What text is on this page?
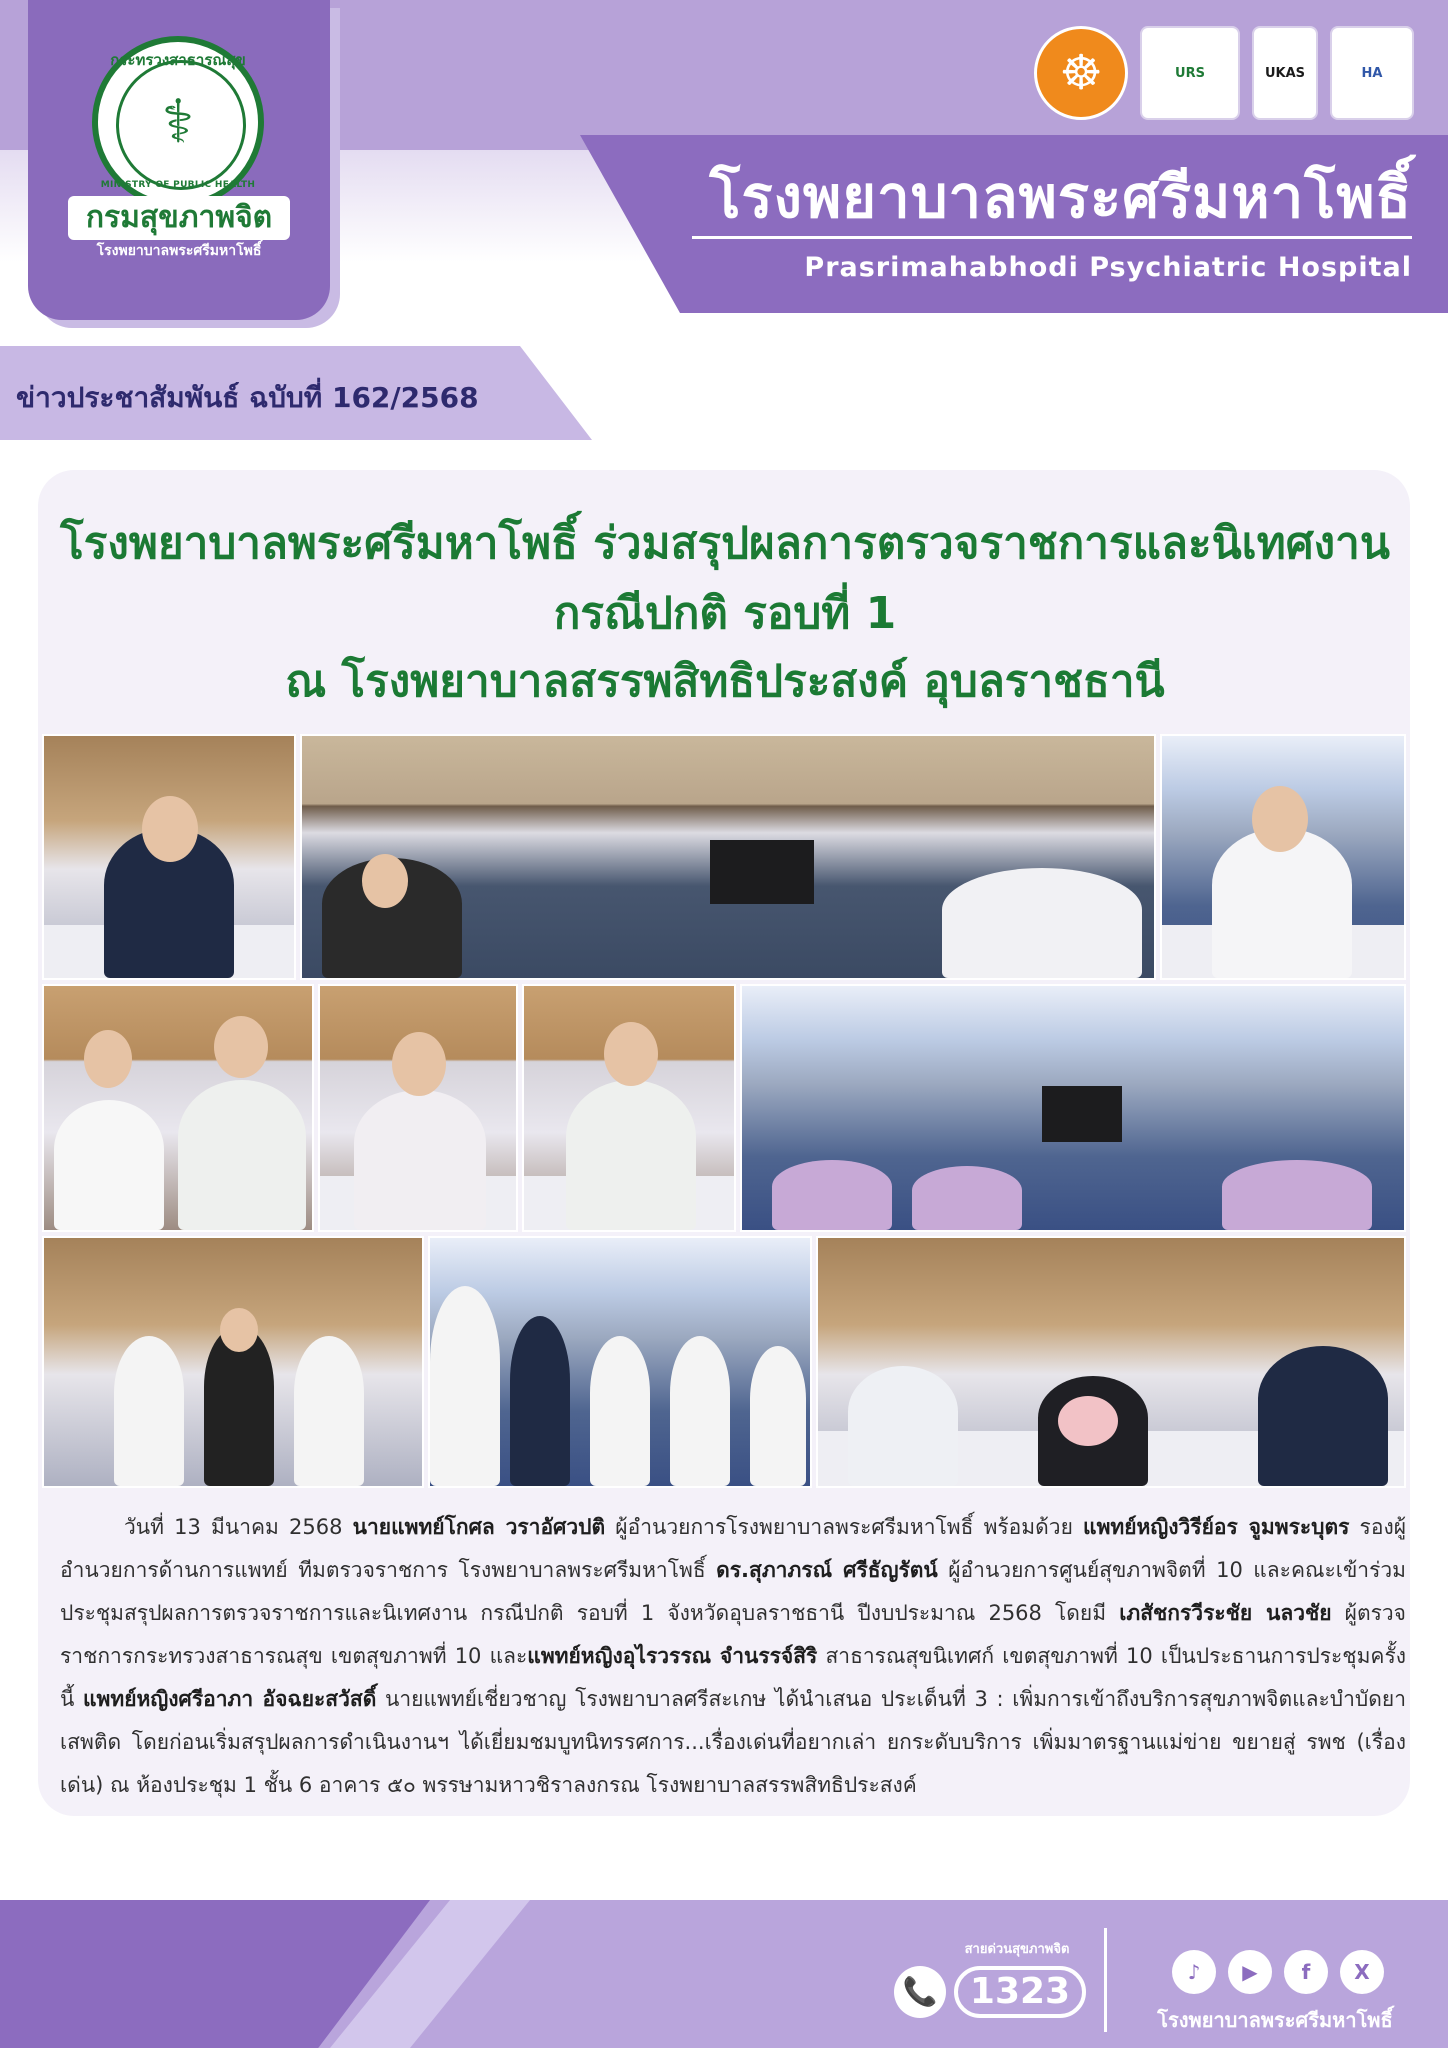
กระทรวงสาธารณสุข
⚕
MINISTRY OF PUBLIC HEALTH
กรมสุขภาพจิต
โรงพยาบาลพระศรีมหาโพธิ์
☸	URS	UKAS	HA
โรงพยาบาลพระศรีมหาโพธิ์
Prasrimahabhodi Psychiatric Hospital
ข่าวประชาสัมพันธ์ ฉบับที่ 162/2568
โรงพยาบาลพระศรีมหาโพธิ์ ร่วมสรุปผลการตรวจราชการและนิเทศงาน
กรณีปกติ รอบที่ 1
ณ โรงพยาบาลสรรพสิทธิประสงค์ อุบลราชธานี

วันที่ 13 มีนาคม 2568 นายแพทย์โกศล วราอัศวปติ ผู้อำนวยการโรงพยาบาลพระศรีมหาโพธิ์ พร้อมด้วย แพทย์หญิงวิรีย์อร จูมพระบุตร รองผู้อำนวยการด้านการแพทย์ ทีมตรวจราชการ โรงพยาบาลพระศรีมหาโพธิ์ ดร.สุภาภรณ์ ศรีธัญรัตน์ ผู้อำนวยการศูนย์สุขภาพจิตที่ 10 และคณะเข้าร่วมประชุมสรุปผลการตรวจราชการและนิเทศงาน กรณีปกติ รอบที่ 1 จังหวัดอุบลราชธานี ปีงบประมาณ 2568 โดยมี เภสัชกรวีระชัย นลวชัย ผู้ตรวจราชการกระทรวงสาธารณสุข เขตสุขภาพที่ 10 และแพทย์หญิงอุไรวรรณ จำนรรจ์สิริ สาธารณสุขนิเทศก์ เขตสุขภาพที่ 10 เป็นประธานการประชุมครั้งนี้ แพทย์หญิงศรีอาภา อัจฉยะสวัสดิ์ นายแพทย์เชี่ยวชาญ โรงพยาบาลศรีสะเกษ ได้นำเสนอ ประเด็นที่ 3 : เพิ่มการเข้าถึงบริการสุขภาพจิตและบำบัดยาเสพติด โดยก่อนเริ่มสรุปผลการดำเนินงานฯ ได้เยี่ยมชมบูทนิทรรศการ...เรื่องเด่นที่อยากเล่า ยกระดับบริการ เพิ่มมาตรฐานแม่ข่าย ขยายสู่ รพช (เรื่องเด่น) ณ ห้องประชุม 1 ชั้น 6 อาคาร ๕๐ พรรษามหาวชิราลงกรณ โรงพยาบาลสรรพสิทธิประสงค์

สายด่วนสุขภาพจิต
📞 1323	♪	▶	f	X
โรงพยาบาลพระศรีมหาโพธิ์
